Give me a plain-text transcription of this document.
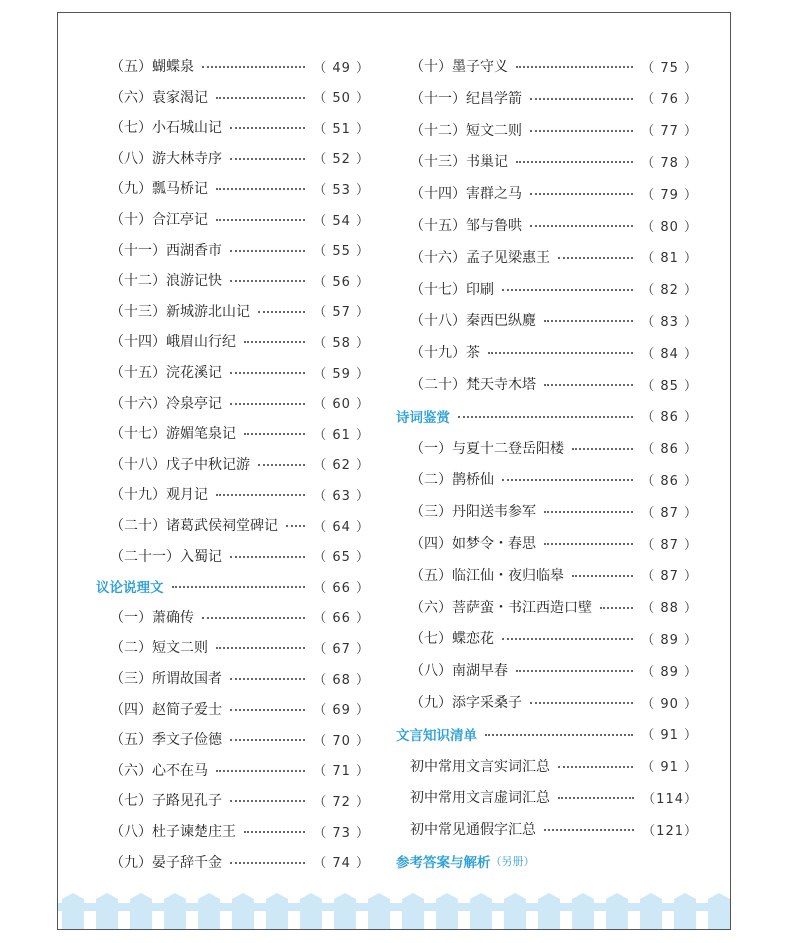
（五）蝴蝶泉	（ 49 ）
（六）袁家渴记	（ 50 ）
（七）小石城山记	（ 51 ）
（八）游大林寺序	（ 52 ）
（九）瓢马桥记	（ 53 ）
（十）合江亭记	（ 54 ）
（十一）西湖香市	（ 55 ）
（十二）浪游记快	（ 56 ）
（十三）新城游北山记	（ 57 ）
（十四）峨眉山行纪	（ 58 ）
（十五）浣花溪记	（ 59 ）
（十六）冷泉亭记	（ 60 ）
（十七）游媚笔泉记	（ 61 ）
（十八）戊子中秋记游	（ 62 ）
（十九）观月记	（ 63 ）
（二十）诸葛武侯祠堂碑记	（ 64 ）
（二十一）入蜀记	（ 65 ）
议论说理文	（ 66 ）
（一）萧确传	（ 66 ）
（二）短文二则	（ 67 ）
（三）所谓故国者	（ 68 ）
（四）赵简子爱士	（ 69 ）
（五）季文子俭德	（ 70 ）
（六）心不在马	（ 71 ）
（七）子路见孔子	（ 72 ）
（八）杜子谏楚庄王	（ 73 ）
（九）晏子辞千金	（ 74 ）
（十）墨子守义	（ 75 ）
（十一）纪昌学箭	（ 76 ）
（十二）短文二则	（ 77 ）
（十三）书巢记	（ 78 ）
（十四）害群之马	（ 79 ）
（十五）邹与鲁哄	（ 80 ）
（十六）孟子见梁惠王	（ 81 ）
（十七）印刷	（ 82 ）
（十八）秦西巴纵麑	（ 83 ）
（十九）茶	（ 84 ）
（二十）梵天寺木塔	（ 85 ）
诗词鉴赏	（ 86 ）
（一）与夏十二登岳阳楼	（ 86 ）
（二）鹊桥仙	（ 86 ）
（三）丹阳送韦参军	（ 87 ）
（四）如梦令・春思	（ 87 ）
（五）临江仙・夜归临皋	（ 87 ）
（六）菩萨蛮・书江西造口壁	（ 88 ）
（七）蝶恋花	（ 89 ）
（八）南湖早春	（ 89 ）
（九）添字采桑子	（ 90 ）
文言知识清单	（ 91 ）
初中常用文言实词汇总	（ 91 ）
初中常用文言虚词汇总	（114）
初中常见通假字汇总	（121）
参考答案与解析 （另册）
